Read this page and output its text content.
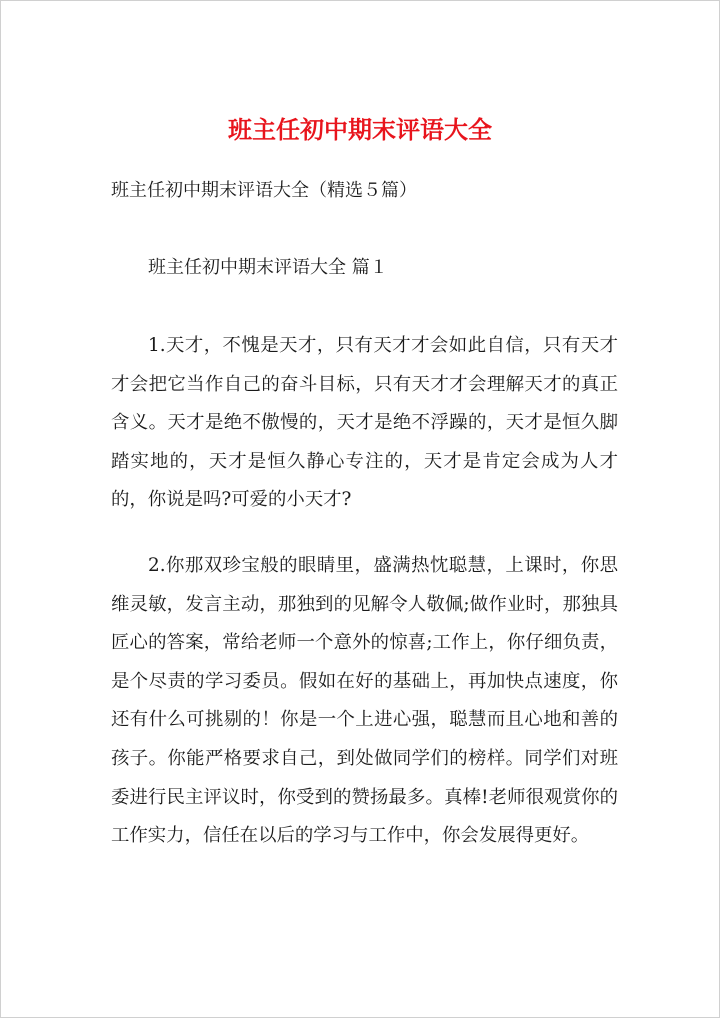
班主任初中期末评语大全
班主任初中期末评语大全（精选５篇）
班主任初中期末评语大全 篇１

1.天才，不愧是天才，只有天才才会如此自信，只有天才才会把它当作自己的奋斗目标，只有天才才会理解天才的真正含义。天才是绝不傲慢的，天才是绝不浮躁的，天才是恒久脚踏实地的，天才是恒久静心专注的，天才是肯定会成为人才的，你说是吗?可爱的小天才?

2.你那双珍宝般的眼睛里，盛满热忱聪慧，上课时，你思维灵敏，发言主动，那独到的见解令人敬佩;做作业时，那独具匠心的答案，常给老师一个意外的惊喜;工作上，你仔细负责，是个尽责的学习委员。假如在好的基础上，再加快点速度，你还有什么可挑剔的！你是一个上进心强，聪慧而且心地和善的孩子。你能严格要求自己，到处做同学们的榜样。同学们对班委进行民主评议时，你受到的赞扬最多。真棒!老师很观赏你的工作实力，信任在以后的学习与工作中，你会发展得更好。
